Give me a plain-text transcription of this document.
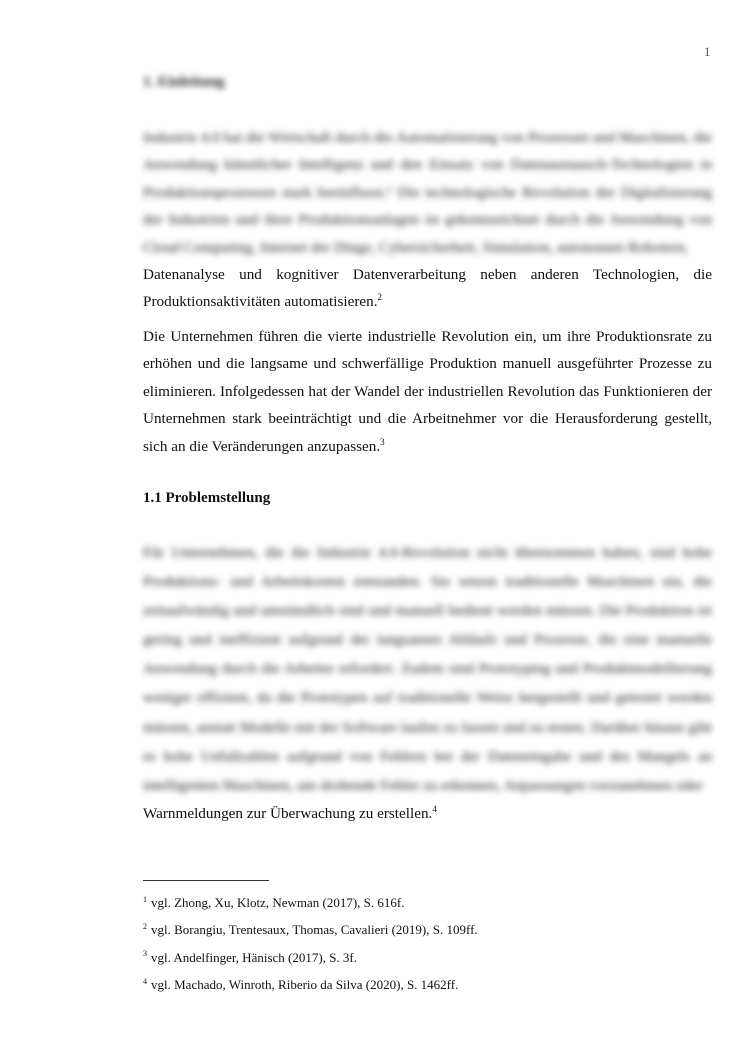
1
1. Einleitung

Industrie 4.0 hat die Wirtschaft durch die Automatisierung von Prozessen und Maschinen, die Anwendung künstlicher Intelligenz und den Einsatz von Datenaustausch-Technologien in Produktionsprozessen stark beeinflusst.¹ Die technologische Revolution der Digitalisierung der Industrien und ihrer Produktionsanlagen ist gekennzeichnet durch die Anwendung von Cloud Computing, Internet der Dinge, Cybersicherheit, Simulation, autonomen Robotern,
Datenanalyse und kognitiver Datenverarbeitung neben anderen Technologien, die Produktionsaktivitäten automatisieren.$^2$

Die Unternehmen führen die vierte industrielle Revolution ein, um ihre Produktionsrate zu erhöhen und die langsame und schwerfällige Produktion manuell ausgeführter Prozesse zu eliminieren. Infolgedessen hat der Wandel der industriellen Revolution das Funktionieren der Unternehmen stark beeinträchtigt und die Arbeitnehmer vor die Herausforderung gestellt, sich an die Veränderungen anzupassen.$^3$

1.1 Problemstellung

Für Unternehmen, die die Industrie 4.0-Revolution nicht übernommen haben, sind hohe Produktions- und Arbeitskosten entstanden. Sie setzen traditionelle Maschinen ein, die zeitaufwändig und umständlich sind und manuell bedient werden müssen. Die Produktion ist gering und ineffizient aufgrund der langsamen Abläufe und Prozesse, die eine manuelle Anwendung durch die Arbeiter erfordert. Zudem sind Prototyping und Produktmodellierung weniger effizient, da die Prototypen auf traditionelle Weise hergestellt und getestet werden müssen, anstatt Modelle mit der Software laufen zu lassen und zu testen. Darüber hinaus gibt es hohe Unfallzahlen aufgrund von Fehlern bei der Dateneingabe und des Mangels an intelligenten Maschinen, um drohende Fehler zu erkennen, Anpassungen vorzunehmen oder
Warnmeldungen zur Überwachung zu erstellen.$^4$

$^1$ vgl. Zhong, Xu, Klotz, Newman (2017), S. 616f.
$^2$ vgl. Borangiu, Trentesaux, Thomas, Cavalieri (2019), S. 109ff.
$^3$ vgl. Andelfinger, Hänisch (2017), S. 3f.
$^4$ vgl. Machado, Winroth, Riberio da Silva (2020), S. 1462ff.
